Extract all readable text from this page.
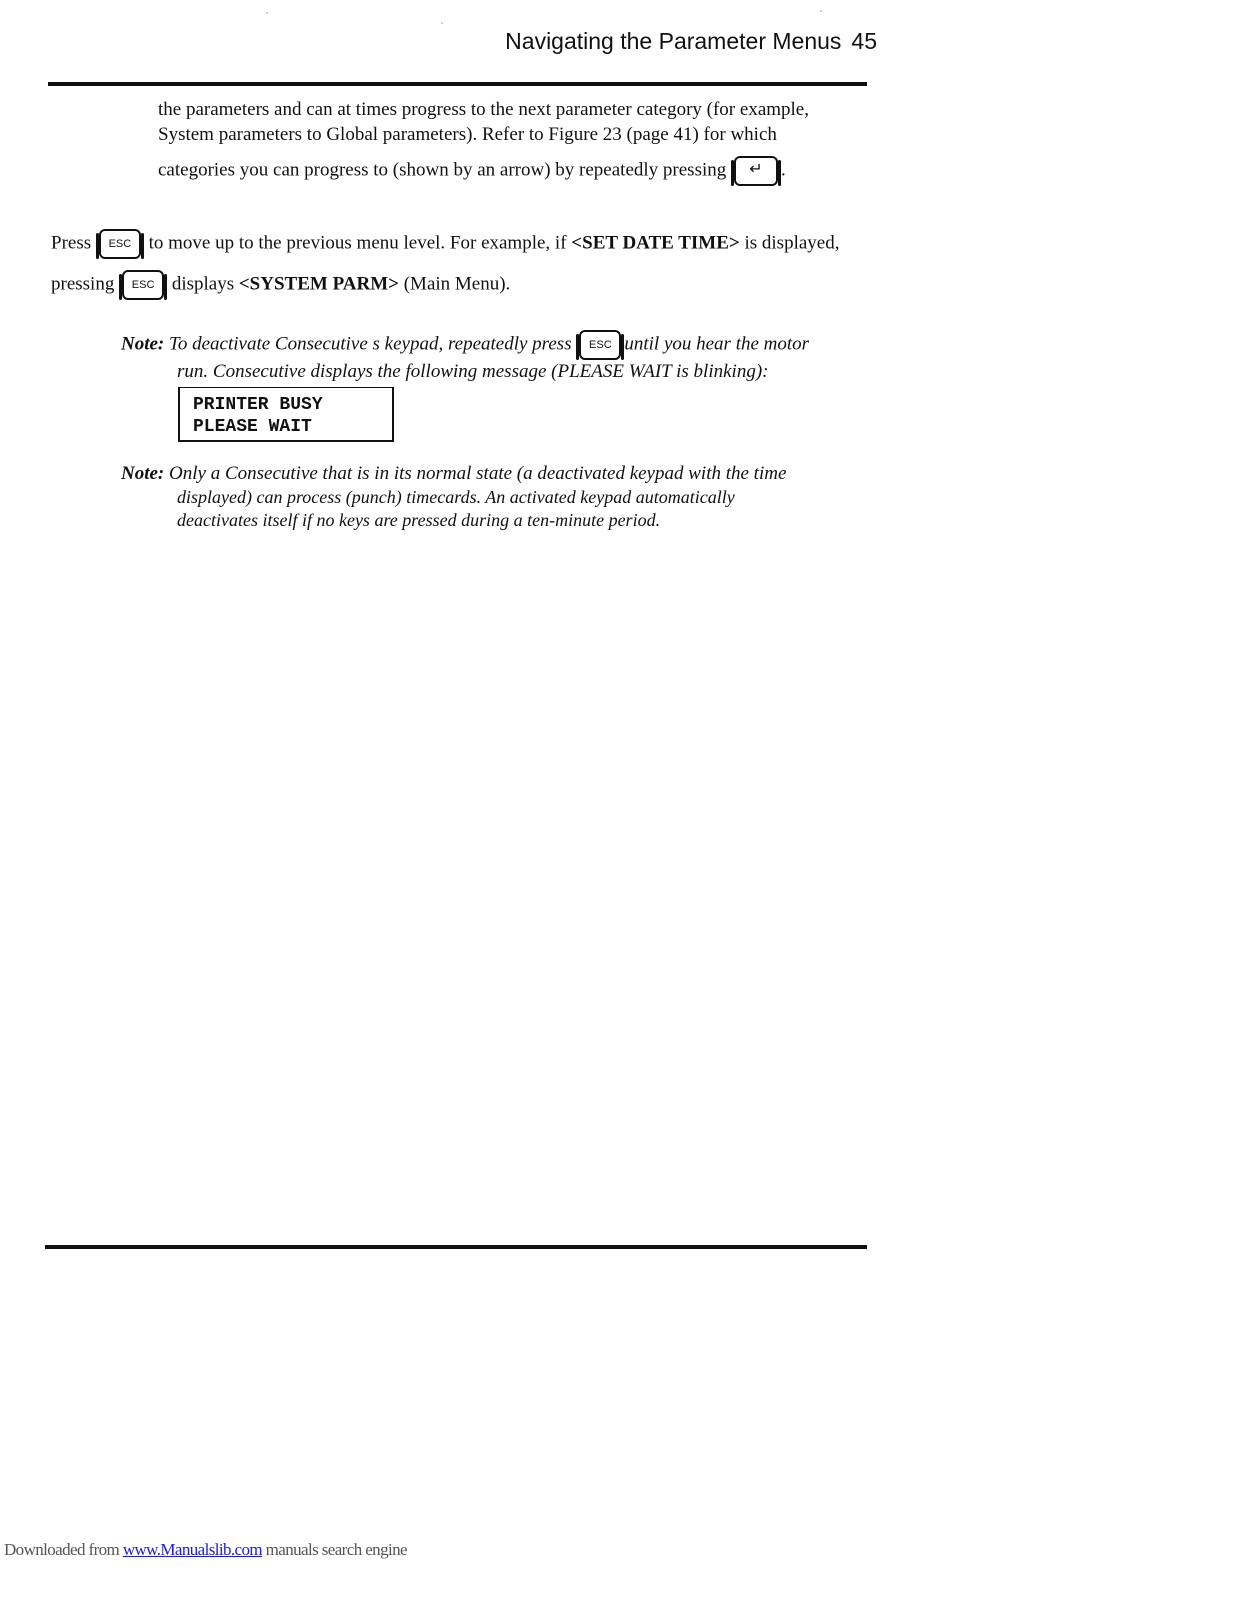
Navigating the Parameter Menus 45
the parameters and can at times progress to the next parameter category (for example,
System parameters to Global parameters). Refer to Figure 23 (page 41) for which
categories you can progress to (shown by an arrow) by repeatedly pressing ↵ .
Press ESC to move up to the previous menu level. For example, if <SET DATE TIME> is displayed,
pressing ESC displays <SYSTEM PARM> (Main Menu).
Note: To deactivate Consecutive s keypad, repeatedly press ESC until you hear the motor
run. Consecutive displays the following message (PLEASE WAIT is blinking):
PRINTER BUSY
PLEASE WAIT
Note: Only a Consecutive that is in its normal state (a deactivated keypad with the time
displayed) can process (punch) timecards. An activated keypad automatically
deactivates itself if no keys are pressed during a ten-minute period.
Downloaded from www.Manualslib.com manuals search engine
